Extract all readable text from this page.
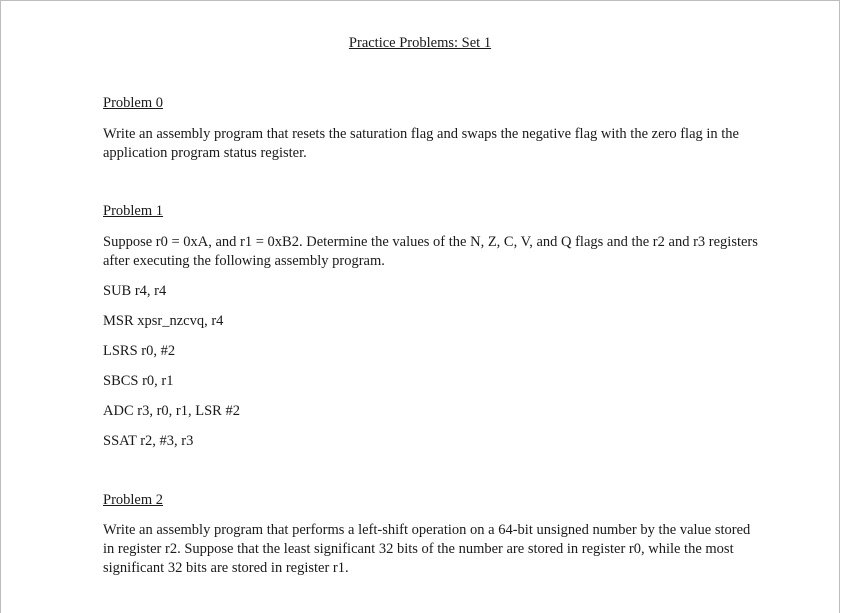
Practice Problems: Set 1
Problem 0
Write an assembly program that resets the saturation flag and swaps the negative flag with the zero flag in the application program status register.
Problem 1
Suppose r0 = 0xA, and r1 = 0xB2. Determine the values of the N, Z, C, V, and Q flags and the r2 and r3 registers after executing the following assembly program.
SUB r4, r4
MSR xpsr_nzcvq, r4
LSRS r0, #2
SBCS r0, r1
ADC r3, r0, r1, LSR #2
SSAT r2, #3, r3
Problem 2
Write an assembly program that performs a left-shift operation on a 64-bit unsigned number by the value stored in register r2. Suppose that the least significant 32 bits of the number are stored in register r0, while the most significant 32 bits are stored in register r1.
